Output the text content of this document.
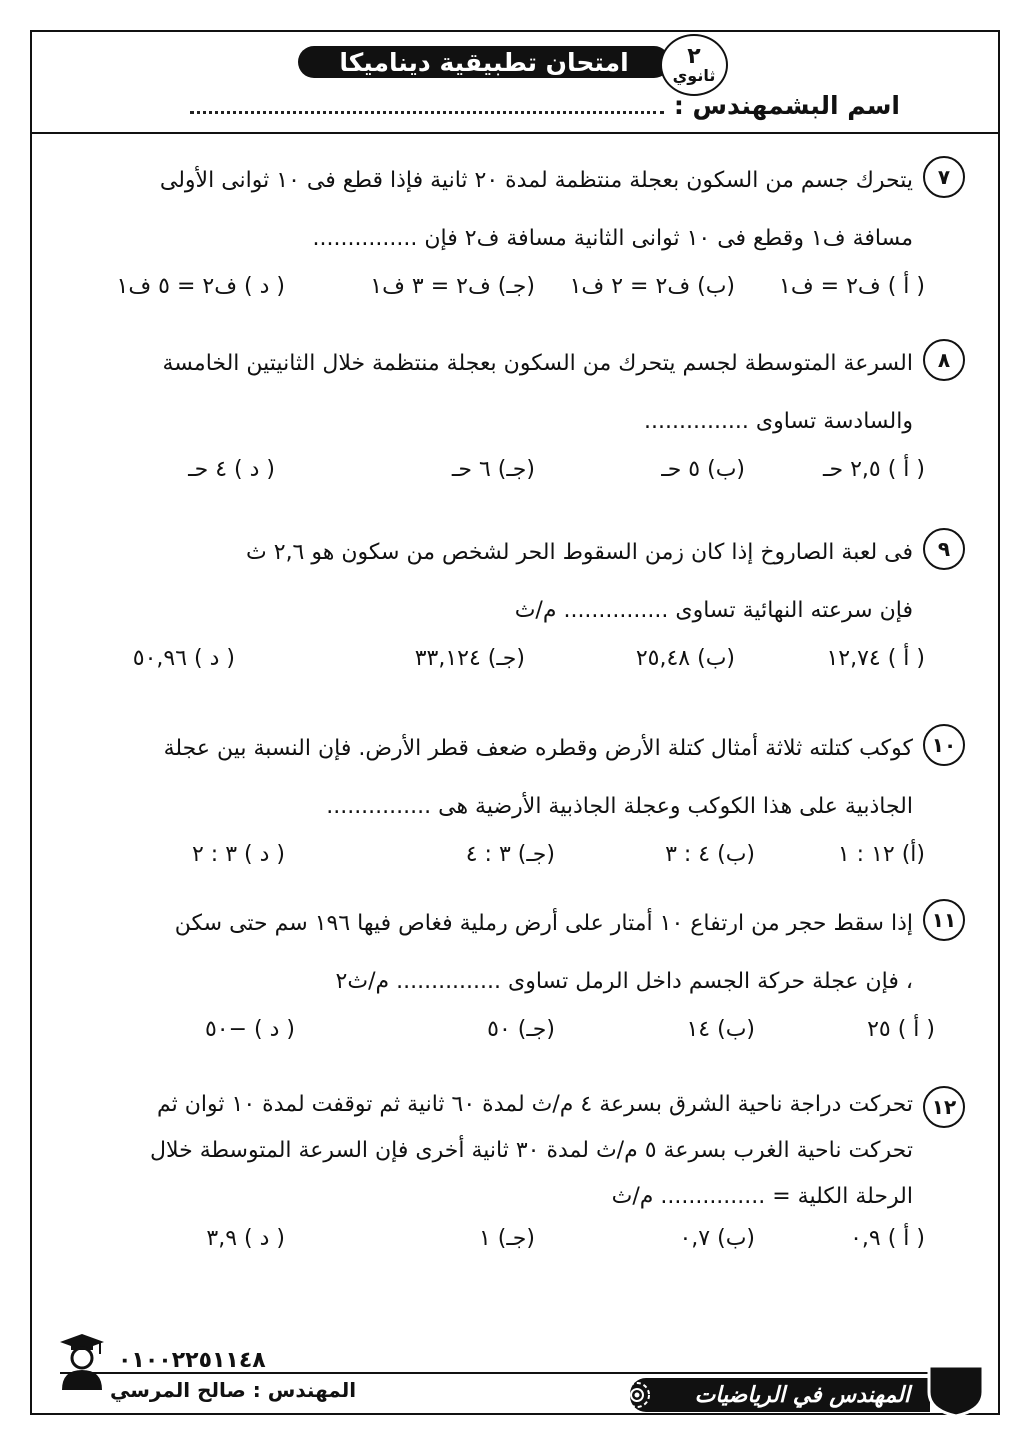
امتحان تطبيقية ديناميكا	٢
ثانوي
اسم البشمهندس :
٧
يتحرك جسم من السكون بعجلة منتظمة لمدة ٢٠ ثانية فإذا قطع فى ١٠ ثوانى الأولى
مسافة ف١ وقطع فى ١٠ ثوانى الثانية مسافة ف٢ فإن ...............
( أ ) ف٢ = ف١
(ب) ف٢ = ٢ ف١
(جـ) ف٢ = ٣ ف١
( د ) ف٢ = ٥ ف١
٨
السرعة المتوسطة لجسم يتحرك من السكون بعجلة منتظمة خلال الثانيتين الخامسة
والسادسة تساوى ...............
( أ ) ٢,٥ حـ
(ب) ٥ حـ
(جـ) ٦ حـ
( د ) ٤ حـ
٩
فى لعبة الصاروخ إذا كان زمن السقوط الحر لشخص من سكون هو ٢,٦ ث
فإن سرعته النهائية تساوى ............... م/ث
( أ ) ١٢,٧٤
(ب) ٢٥,٤٨
(جـ) ٣٣,١٢٤
( د ) ٥٠,٩٦
١٠
كوكب كتلته ثلاثة أمثال كتلة الأرض وقطره ضعف قطر الأرض. فإن النسبة بين عجلة
الجاذبية على هذا الكوكب وعجلة الجاذبية الأرضية هى ...............
(أ) ١٢ : ١
(ب) ٤ : ٣
(جـ) ٣ : ٤
( د ) ٣ : ٢
١١
إذا سقط حجر من ارتفاع ١٠ أمتار على أرض رملية فغاص فيها ١٩٦ سم حتى سكن
، فإن عجلة حركة الجسم داخل الرمل تساوى ............... م/ث٢
( أ ) ٢٥
(ب) ١٤
(جـ) ٥٠
( د ) −٥٠
١٢
تحركت دراجة ناحية الشرق بسرعة ٤ م/ث لمدة ٦٠ ثانية ثم توقفت لمدة ١٠ ثوان ثم
تحركت ناحية الغرب بسرعة ٥ م/ث لمدة ٣٠ ثانية أخرى فإن السرعة المتوسطة خلال
الرحلة الكلية = ............... م/ث
( أ ) ٠,٩
(ب) ٠,٧
(جـ) ١
( د ) ٣,٩
المهندس في الرياضيات
٠١٠٠٢٢٥١١٤٨
المهندس : صالح المرسي
